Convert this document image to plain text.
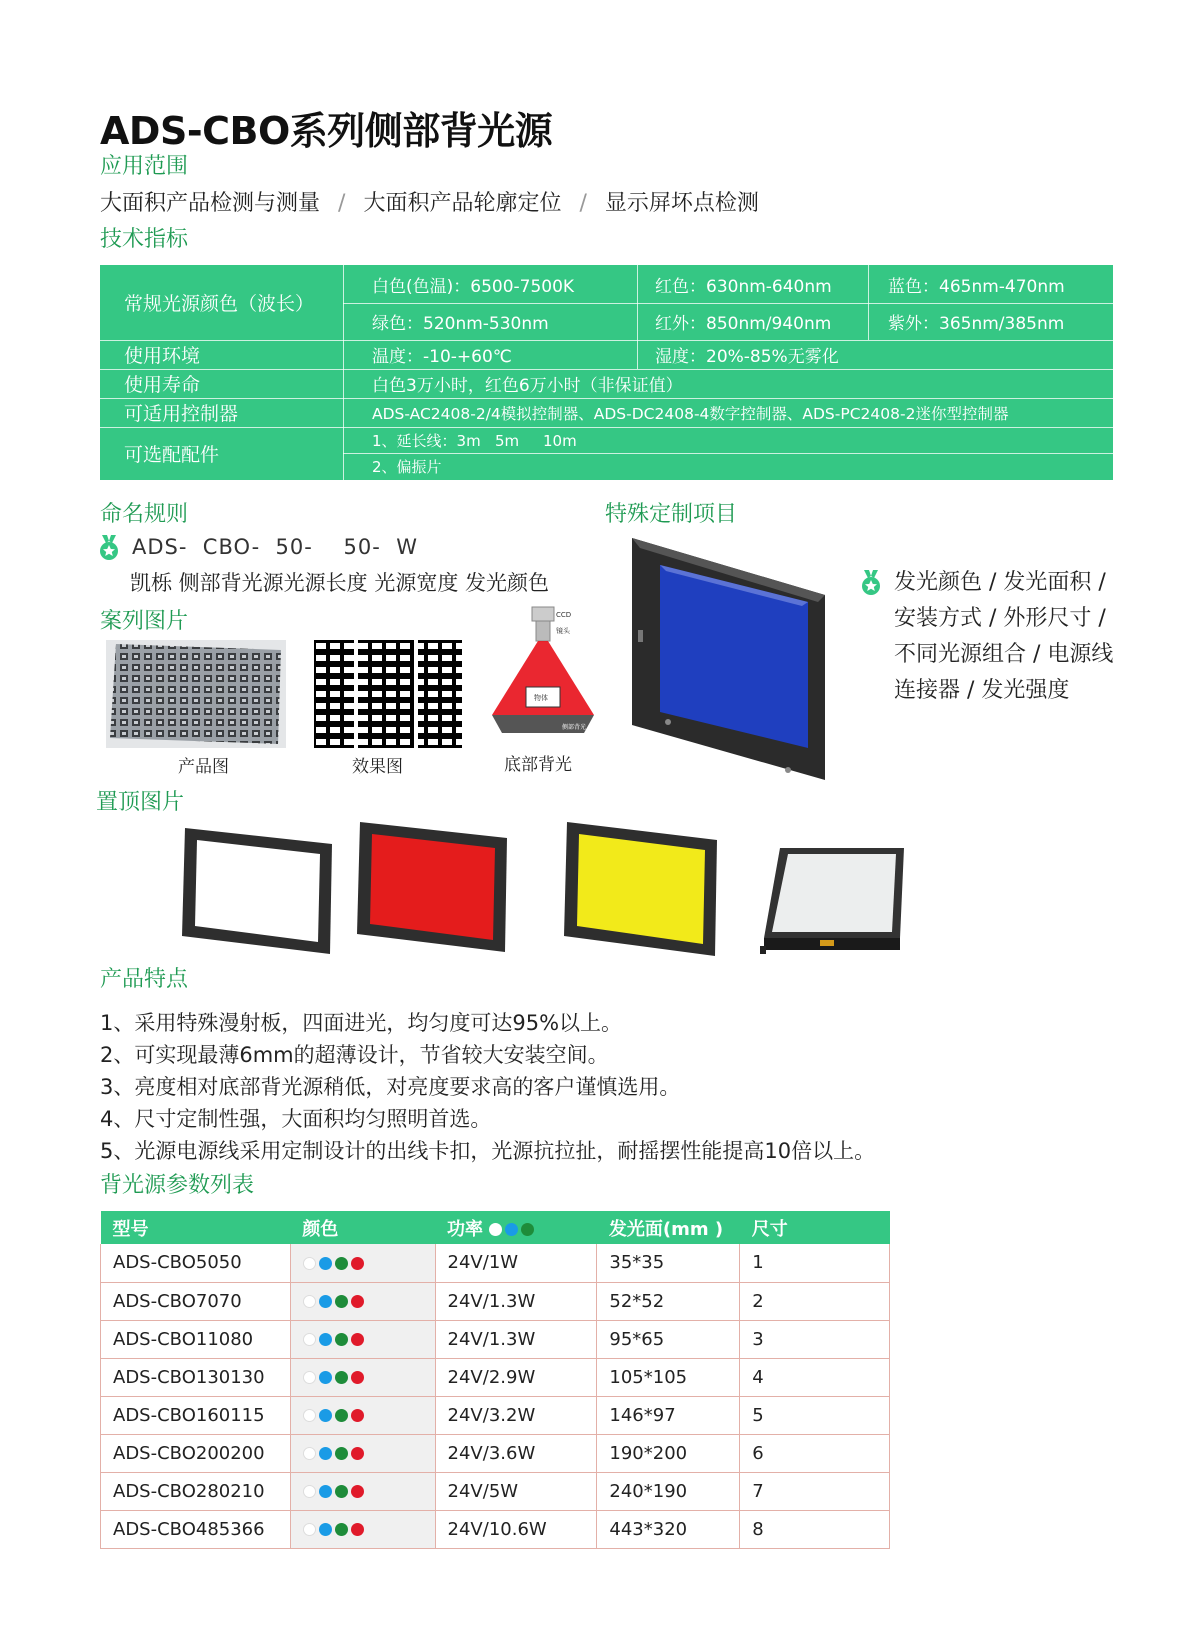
ADS-CBO系列侧部背光源
应用范围
大面积产品检测与测量 / 大面积产品轮廓定位 / 显示屏坏点检测
技术指标
常规光源颜色（波长）
白色(色温)：6500-7500K	红色：630nm-640nm	蓝色：465nm-470nm
绿色：520nm-530nm	红外：850nm/940nm	紫外：365nm/385nm
使用环境	温度：-10-+60℃	湿度：20%-85%无雾化
使用寿命	白色3万小时，红色6万小时（非保证值）
可适用控制器	ADS-AC2408-2/4模拟控制器、ADS-DC2408-4数字控制器、ADS-PC2408-2迷你型控制器
可选配配件
1、延长线：3m   5m     10m
2、偏振片
命名规则
ADS-  CBO-  50-    50-  W
凯栎 侧部背光源光源长度 光源宽度 发光颜色
特殊定制项目
发光颜色 / 发光面积 / 安装方式 / 外形尺寸 / 不同光源组合 / 电源线连接器 / 发光强度
案列图片
产品图	效果图
CCD
镜头
物体
侧部背光
底部背光
置顶图片
产品特点
1、采用特殊漫射板，四面进光，均匀度可达95%以上。
2、可实现最薄6mm的超薄设计，节省较大安装空间。
3、亮度相对底部背光源稍低，对亮度要求高的客户谨慎选用。
4、尺寸定制性强，大面积均匀照明首选。
5、光源电源线采用定制设计的出线卡扣，光源抗拉扯，耐摇摆性能提高10倍以上。
背光源参数列表
型号	颜色	功率	发光面(mm )	尺寸
ADS-CBO5050		24V/1W	35*35	1
ADS-CBO7070		24V/1.3W	52*52	2
ADS-CBO11080		24V/1.3W	95*65	3
ADS-CBO130130		24V/2.9W	105*105	4
ADS-CBO160115		24V/3.2W	146*97	5
ADS-CBO200200		24V/3.6W	190*200	6
ADS-CBO280210		24V/5W	240*190	7
ADS-CBO485366		24V/10.6W	443*320	8
